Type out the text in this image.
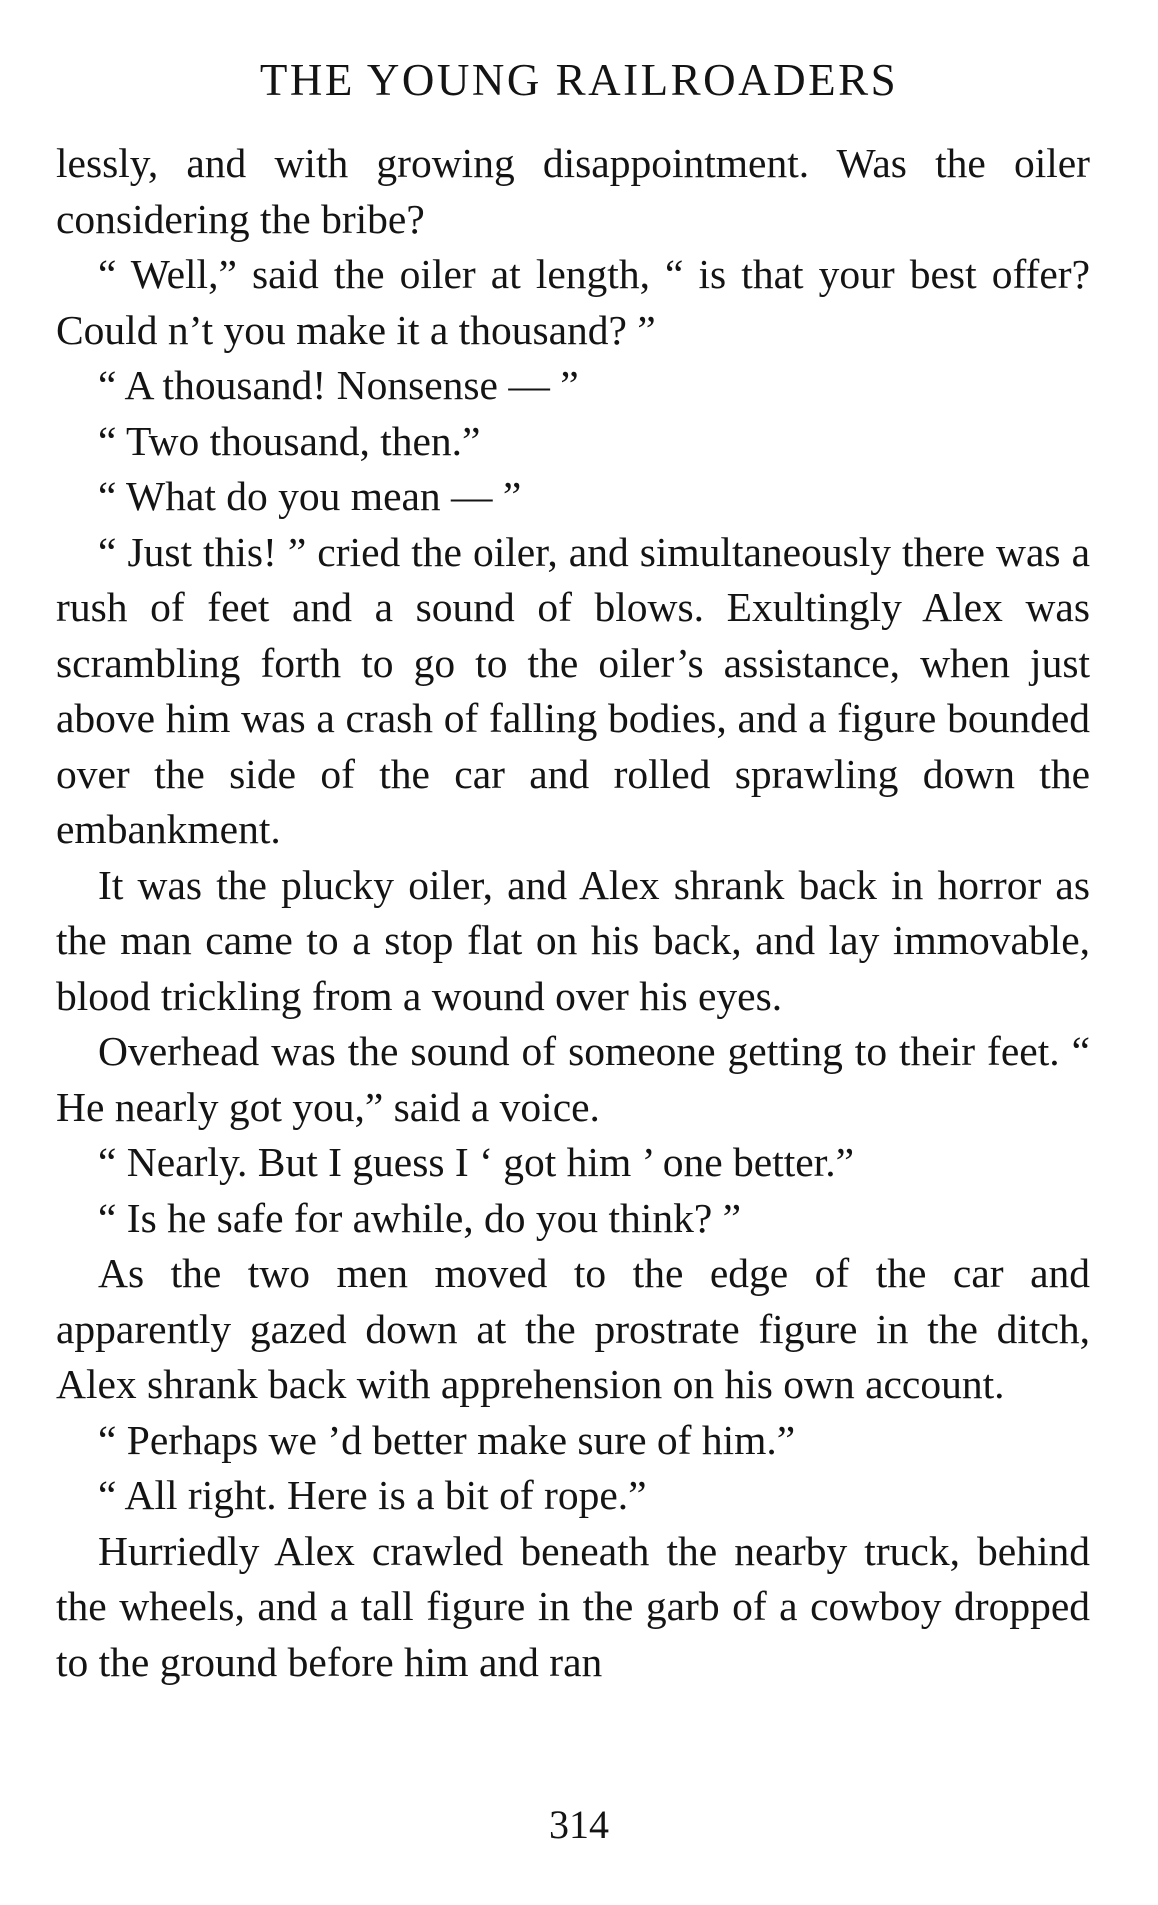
THE YOUNG RAILROADERS

lessly, and with growing disappointment. Was the oiler considering the bribe?

“ Well,” said the oiler at length, “ is that your best offer? Could n’t you make it a thousand? ”

“ A thousand! Nonsense — ”

“ Two thousand, then.”

“ What do you mean — ”

“ Just this! ” cried the oiler, and simultaneously there was a rush of feet and a sound of blows. Exultingly Alex was scrambling forth to go to the oiler’s assistance, when just above him was a crash of falling bodies, and a figure bounded over the side of the car and rolled sprawling down the embankment.

It was the plucky oiler, and Alex shrank back in horror as the man came to a stop flat on his back, and lay immovable, blood trickling from a wound over his eyes.

Overhead was the sound of someone getting to their feet. “ He nearly got you,” said a voice.

“ Nearly. But I guess I ‘ got him ’ one better.”

“ Is he safe for awhile, do you think? ”

As the two men moved to the edge of the car and apparently gazed down at the prostrate figure in the ditch, Alex shrank back with apprehension on his own account.

“ Perhaps we ’d better make sure of him.”

“ All right. Here is a bit of rope.”

Hurriedly Alex crawled beneath the nearby truck, behind the wheels, and a tall figure in the garb of a cowboy dropped to the ground before him and ran

314
